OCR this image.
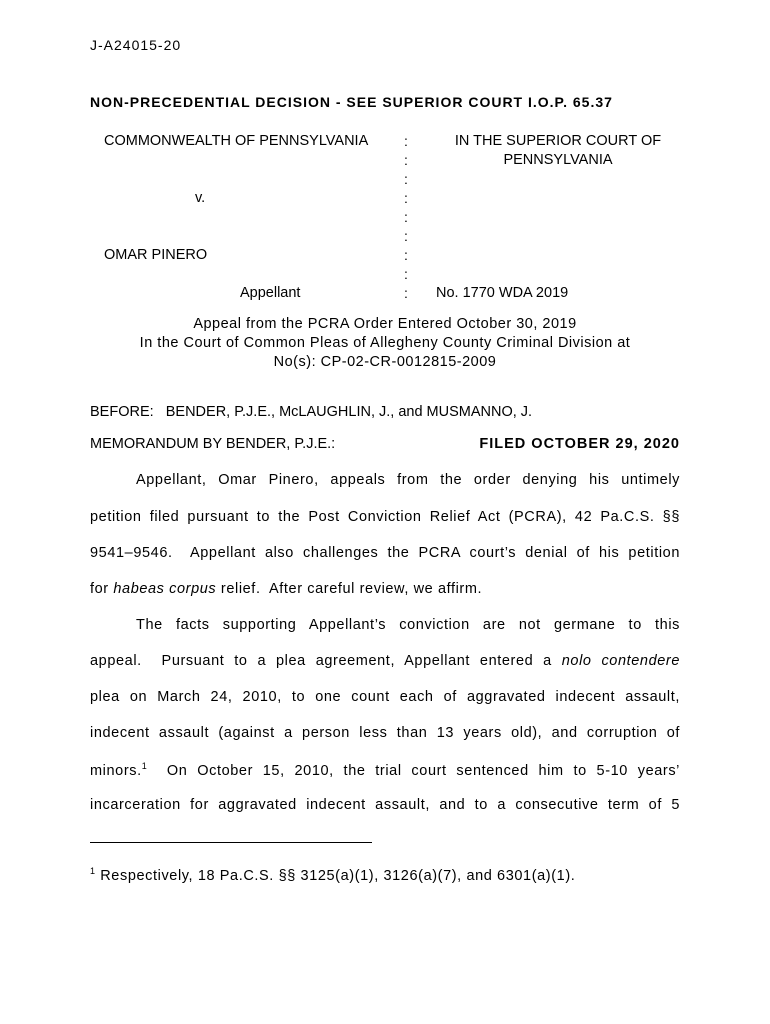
J-A24015-20
NON-PRECEDENTIAL DECISION - SEE SUPERIOR COURT I.O.P. 65.37
COMMONWEALTH OF PENNSYLVANIA
v.
OMAR PINERO
Appellant
:
:
:
:
:
:
:
:
:
IN THE SUPERIOR COURT OF
PENNSYLVANIA
No. 1770 WDA 2019
Appeal from the PCRA Order Entered October 30, 2019
In the Court of Common Pleas of Allegheny County Criminal Division at
No(s): CP-02-CR-0012815-2009
BEFORE:   BENDER, P.J.E., McLAUGHLIN, J., and MUSMANNO, J.
MEMORANDUM BY BENDER, P.J.E.:	FILED OCTOBER 29, 2020
Appellant, Omar Pinero, appeals from the order denying his untimely
petition filed pursuant to the Post Conviction Relief Act (PCRA), 42 Pa.C.S. §§
9541–9546.  Appellant also challenges the PCRA court’s denial of his petition
for habeas corpus relief.  After careful review, we affirm.
The facts supporting Appellant’s conviction are not germane to this
appeal.  Pursuant to a plea agreement, Appellant entered a nolo contendere
plea on March 24, 2010, to one count each of aggravated indecent assault,
indecent assault (against a person less than 13 years old), and corruption of
minors.$^1$  On October 15, 2010, the trial court sentenced him to 5-10 years’
incarceration for aggravated indecent assault, and to a consecutive term of 5
$^1$ Respectively, 18 Pa.C.S. §§ 3125(a)(1), 3126(a)(7), and 6301(a)(1).
